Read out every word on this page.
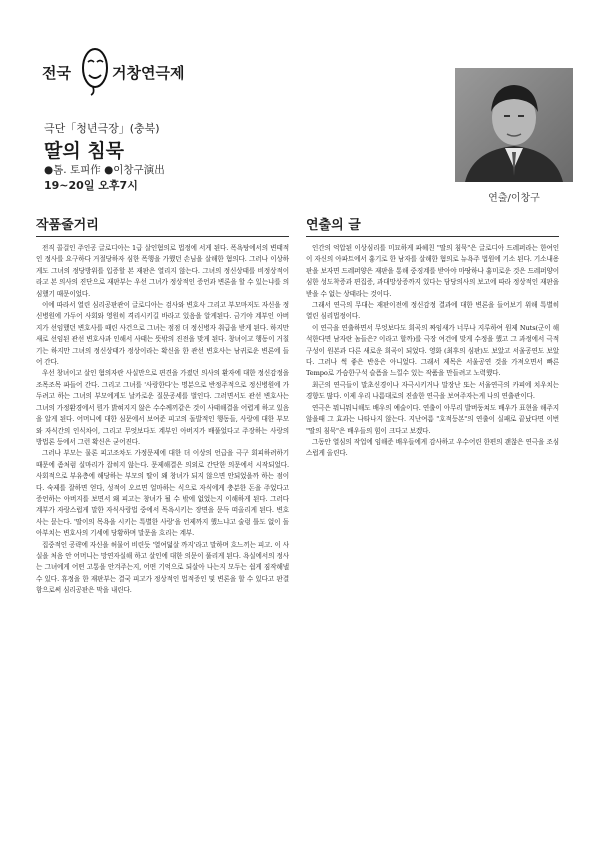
전국	거창연극제
극단「청년극장」(충북)
딸의 침묵
●톰. 토피作 ●이창구演出
19~20일 오후7시
연출/이창구
작품줄거리

전직 콜걸인 주인공 글로디아는 1급 살인혐의로 법정에 서게 된다. 폭욕탕에서의 변태적인 정사를 요구하다 거절당하자 심한 폭행을 가했던 손님을 살해한 혐의다. 그러나 이상하게도 그녀의 정당방위를 입증할 본 재판은 열리지 않는다. 그녀의 정신상태를 비정상적이라고 본 의사의 진단으로 재판부는 우선 그녀가 정상적인 증언과 변론을 할 수 있는냐를 의심했기 때문이었다.

이에 따라서 열린 심리공판관이 글로디아는 검사와 변호사 그리고 부모마저도 자신을 정신병원에 가두어 사회와 영원히 격리시키길 바라고 있음을 알게된다. 금기야 계부인 아버지가 선임했던 변호사를 때린 사건으로 그녀는 점점 더 정신병자 취급을 받게 된다. 하지만 새로 선임된 관선 변호사과 인해서 사태는 뜻밖의 진전을 맞게 된다. 창녀이고 행동이 거칠기는 하지만 그녀의 정신상태가 정상이라는 확신을 한 관선 변호사는 남귀로운 변론에 들어 간다.

우선 창녀이고 살인 혐의자란 사실만으로 편견을 가졌던 의사의 환자에 대한 정신감정을 조목조목 파들어 간다. 그리고 그녀를 '사랑한다'는 명분으로 반정주적으로 정신병원에 가두려고 하는 그녀의 부모에게도 날카로운 질문공세를 벌인다. 그러면서도 관선 변호사는 그녀의 가정환경에서 뭔가 밝혀지지 않은 수수께끼같은 것이 사태해결을 어렵게 하고 있음을 알게 된다. 어머니에 대한 심문에서 보여준 피고의 돌발적인 행동들, 사랑에 대한 부모와 자식간의 인식차이, 그리고 무엇보다도 계부인 아버지가 배풀었다고 주장하는 사랑의 방법론 등에서 그런 확신은 굳어진다.

그러나 부모는 물론 피고조차도 가정문제에 대한 더 이상의 언급을 극구 회피하려하기 때문에 좀처럼 실마리가 잡히지 않는다. 문제해결은 의외로 간단한 의문에서 시작되었다. 사회적으로 부유층에 해당하는 부모의 딸이 왜 창녀가 되지 않으면 안되었을까 하는 점이다. 숙제를 잘하면 얻다, 성적이 오르면 얼마하는 식으로 자식에게 충분한 돈을 주었다고 증언하는 아버지를 보면서 왜 피고는 창녀가 될 수 밖에 없었는지 이해하게 된다. 그러다 계부가 자랑스럽게 말한 자식사랑법 중에서 목욕시키는 장면을 문득 떠올리게 된다. 변호사는 묻는다. '딸이의 목욕을 시키는 특별한 사랑'을 언제까지 했느냐고 술렁 틀도 없이 돌아부치는 변호사의 기세에 당황하며 말문을 흐리는 계부.

집중적인 공략에 자신을 허물어 비린듯 '열여덟살 까지'라고 말하며 흐느끼는 피고. 이 사실을 처음 안 어머니는 망연자실해 하고 살인에 대한 의문이 풀리게 된다. 욕실에서의 정사는 그녀에게 어떤 고통을 안겨주는지, 어떤 기억으로 되살아 나는지 모두는 쉽게 짐작해낼 수 있다. 휴정을 한 재판부는 결국 피고가 정상적인 법적증인 및 변론을 할 수 있다고 판결함으로써 심리공판은 막을 내린다.

연출의 글

인간의 억압된 이상심리를 미묘하게 파헤친 "딸의 침묵"은 글로디아 드레퍼라는 한여인이 자신의 아파트에서 흉기로 한 남자를 살해한 혐의로 뉴욕주 법원에 기소 된다. 기소내용판을 보자면 드레퍼양은 재판을 통해 중징계를 받아야 마땅하나 흉미로운 것은 드레퍼양이 심한 성도착증과 편집증, 과대망상증까지 있다는 담당의사의 보고에 따라 정상적인 재판을 받을 수 없는 상태라는 것이다.

그래서 연극의 무대는 재판이전에 정신감정 결과에 대한 변론을 들어보기 위해 특별히 열린 심리법정이다.

이 연극을 연출하면서 무엇보다도 희곡의 짜임새가 너무나 지루하여 원제 Nuts(군이 해석한다면 남자란 놈들은? 이라고 할까)를 극장 여건에 맞게 수정을 했고 그 과정에서 극적구성이 원본과 다른 새로운 희곡이 되었다. 영화 (최후의 심판)도 보았고 서울공연도 보았다. 그러나 썩 좋은 반응은 아니었다. 그래서 제목은 서울공연 것을 가져오면서 빠른 Tempo로 가슴한구석 슬픔을 느낄수 있는 작품을 만들려고 노력했다.

최근의 연극들이 말초신경이나 자극시키거나 말장난 또는 서울연극의 카피에 치우치는 경향도 많다. 이제 우리 나름대로의 진솔한 연극을 보여주자는게 나의 연출관이다.

연극은 뭐니뭐니해도 배우의 예술이다. 연출이 아무리 발버둥쳐도 배우가 표현을 해주지 않을때 그 효과는 나타나지 않는다. 지난여름 "호적등본"의 연출이 실패로 끝났다면 이번 "딸의 침묵"은 배우들의 힘이 크다고 보겠다.

그동안 열심의 작업에 임해준 배우들에게 감사하고 우수어린 한편의 괜찮은 연극을 조심스럽게 올린다.
